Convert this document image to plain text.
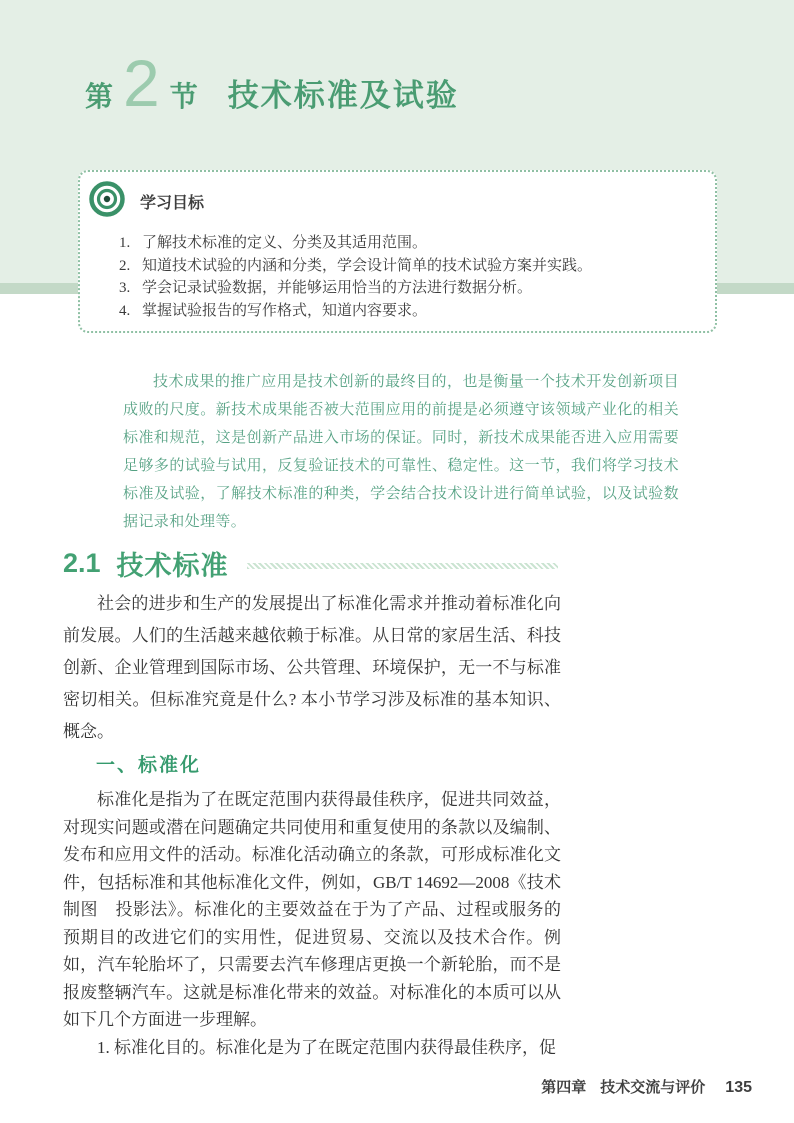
第 2 节 技术标准及试验
学习目标
1. 了解技术标准的定义、分类及其适用范围。
2. 知道技术试验的内涵和分类，学会设计简单的技术试验方案并实践。
3. 学会记录试验数据，并能够运用恰当的方法进行数据分析。
4. 掌握试验报告的写作格式，知道内容要求。

技术成果的推广应用是技术创新的最终目的，也是衡量一个技术开发创新项目成败的尺度。新技术成果能否被大范围应用的前提是必须遵守该领域产业化的相关标准和规范，这是创新产品进入市场的保证。同时，新技术成果能否进入应用需要足够多的试验与试用，反复验证技术的可靠性、稳定性。这一节，我们将学习技术标准及试验，了解技术标准的种类，学会结合技术设计进行简单试验，以及试验数据记录和处理等。

2.1 技术标准

社会的进步和生产的发展提出了标准化需求并推动着标准化向前发展。人们的生活越来越依赖于标准。从日常的家居生活、科技创新、企业管理到国际市场、公共管理、环境保护，无一不与标准密切相关。但标准究竟是什么? 本小节学习涉及标准的基本知识、概念。

一、标准化

标准化是指为了在既定范围内获得最佳秩序，促进共同效益，对现实问题或潜在问题确定共同使用和重复使用的条款以及编制、发布和应用文件的活动。标准化活动确立的条款，可形成标准化文件，包括标准和其他标准化文件，例如，GB/T 14692—2008《技术制图　投影法》。标准化的主要效益在于为了产品、过程或服务的预期目的改进它们的实用性，促进贸易、交流以及技术合作。例如，汽车轮胎坏了，只需要去汽车修理店更换一个新轮胎，而不是报废整辆汽车。这就是标准化带来的效益。对标准化的本质可以从如下几个方面进一步理解。

1. 标准化目的。标准化是为了在既定范围内获得最佳秩序，促

第四章 技术交流与评价 135
